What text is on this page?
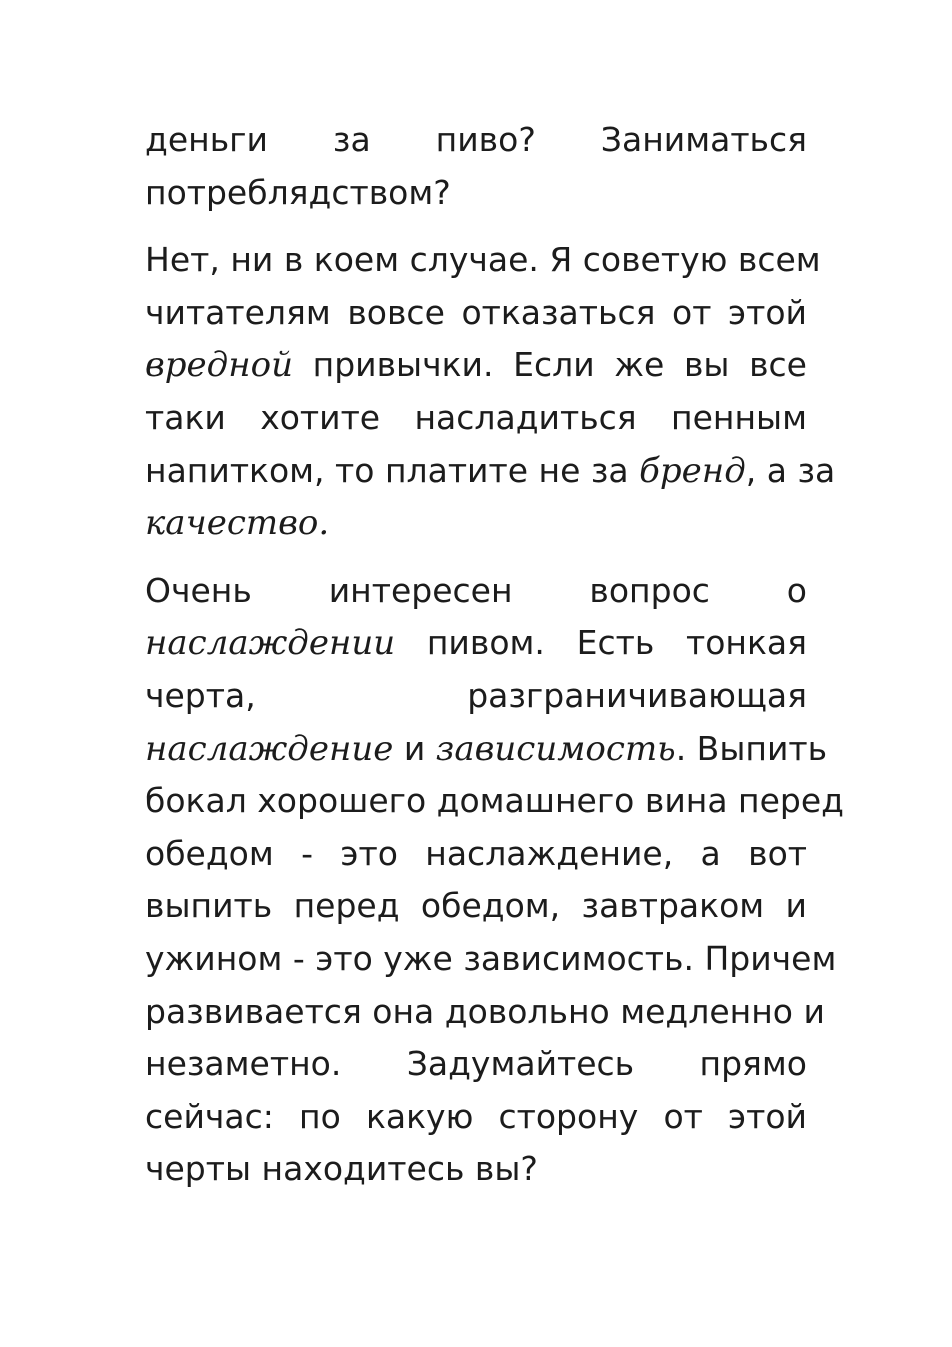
деньги за пиво? Заниматься
потреблядством?

Нет, ни в коем случае. Я советую всем
читателям вовсе отказаться от этой
вредной привычки. Если же вы все
таки хотите насладиться пенным
напитком, то платите не за бренд, а за
качество.

Очень интересен вопрос о
наслаждении пивом. Есть тонкая
черта, разграничивающая
наслаждение и зависимость. Выпить
бокал хорошего домашнего вина перед
обедом - это наслаждение, а вот
выпить перед обедом, завтраком и
ужином - это уже зависимость. Причем
развивается она довольно медленно и
незаметно. Задумайтесь прямо
сейчас: по какую сторону от этой
черты находитесь вы?
